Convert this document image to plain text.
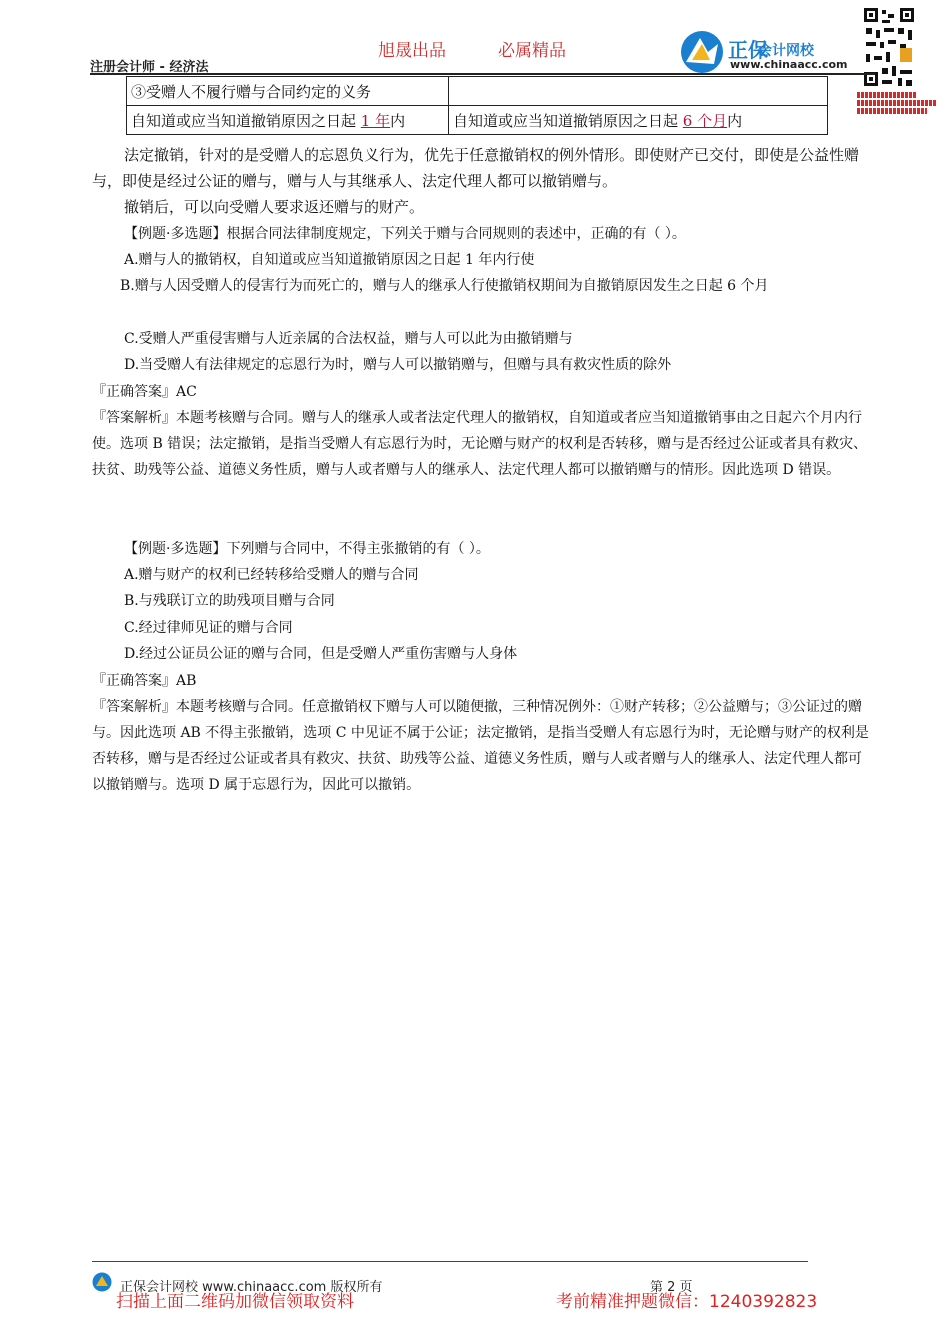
注册会计师 - 经济法
旭晟出品	必属精品	正保
会计网校
www.chinaacc.com
③受赠人不履行赠与合同约定的义务	
自知道或应当知道撤销原因之日起 1 年内	自知道或应当知道撤销原因之日起 6 个月内
法定撤销，针对的是受赠人的忘恩负义行为，优先于任意撤销权的例外情形。即使财产已交付，即使是公益性赠与，即使是经过公证的赠与，赠与人与其继承人、法定代理人都可以撤销赠与。
撤销后，可以向受赠人要求返还赠与的财产。
【例题·多选题】根据合同法律制度规定，下列关于赠与合同规则的表述中，正确的有（ ）。
A.赠与人的撤销权，自知道或应当知道撤销原因之日起 1 年内行使
B.赠与人因受赠人的侵害行为而死亡的，赠与人的继承人行使撤销权期间为自撤销原因发生之日起 6 个月
C.受赠人严重侵害赠与人近亲属的合法权益，赠与人可以此为由撤销赠与
D.当受赠人有法律规定的忘恩行为时，赠与人可以撤销赠与，但赠与具有救灾性质的除外
『正确答案』AC
『答案解析』本题考核赠与合同。赠与人的继承人或者法定代理人的撤销权，自知道或者应当知道撤销事由之日起六个月内行使。选项 B 错误；法定撤销，是指当受赠人有忘恩行为时，无论赠与财产的权利是否转移，赠与是否经过公证或者具有救灾、扶贫、助残等公益、道德义务性质，赠与人或者赠与人的继承人、法定代理人都可以撤销赠与的情形。因此选项 D 错误。
【例题·多选题】下列赠与合同中，不得主张撤销的有（ ）。
A.赠与财产的权利已经转移给受赠人的赠与合同
B.与残联订立的助残项目赠与合同
C.经过律师见证的赠与合同
D.经过公证员公证的赠与合同，但是受赠人严重伤害赠与人身体
『正确答案』AB
『答案解析』本题考核赠与合同。任意撤销权下赠与人可以随便撤，三种情况例外：①财产转移；②公益赠与；③公证过的赠与。因此选项 AB 不得主张撤销，选项 C 中见证不属于公证；法定撤销，是指当受赠人有忘恩行为时，无论赠与财产的权利是否转移，赠与是否经过公证或者具有救灾、扶贫、助残等公益、道德义务性质，赠与人或者赠与人的继承人、法定代理人都可以撤销赠与。选项 D 属于忘恩行为，因此可以撤销。
正保会计网校 www.chinaacc.com 版权所有	第 2 页
扫描上面二维码加微信领取资料	考前精准押题微信：1240392823
